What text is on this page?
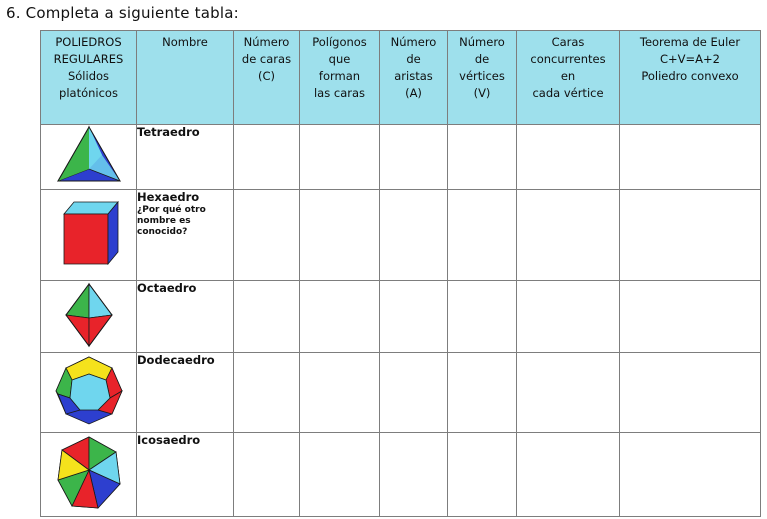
6. Completa a siguiente tabla:
POLIEDROS
REGULARES
Sólidos
platónicos	Nombre	Número
de caras
(C)	Polígonos
que
forman
las caras	Número
de
aristas
(A)	Número
de
vértices
(V)	Caras
concurrentes
en
cada vértice	Teorema de Euler
C+V=A+2
Poliedro convexo

	Tetraedro						
	Hexaedro
¿Por qué otro
nombre es
conocido?						

	Octaedro						
	Dodecaedro						
	Icosaedro						
